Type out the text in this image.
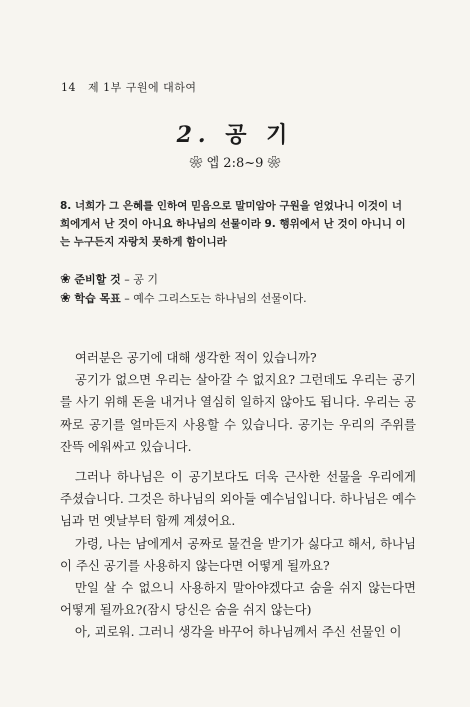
14 제 1부 구원에 대하여
2. 공 기
❀ 엡 2:8~9 ❀
8. 너희가 그 은혜를 인하여 믿음으로 말미암아 구원을 얻었나니 이것이 너희에게서 난 것이 아니요 하나님의 선물이라 9. 행위에서 난 것이 아니니 이는 누구든지 자랑치 못하게 함이니라
❀ 준비할 것 – 공 기
❀ 학습 목표 – 예수 그리스도는 하나님의 선물이다.

여러분은 공기에 대해 생각한 적이 있습니까?

공기가 없으면 우리는 살아갈 수 없지요? 그런데도 우리는 공기를 사기 위해 돈을 내거나 열심히 일하지 않아도 됩니다. 우리는 공짜로 공기를 얼마든지 사용할 수 있습니다. 공기는 우리의 주위를 잔뜩 에워싸고 있습니다.

그러나 하나님은 이 공기보다도 더욱 근사한 선물을 우리에게 주셨습니다. 그것은 하나님의 외아들 예수님입니다. 하나님은 예수님과 먼 옛날부터 함께 계셨어요.

가령, 나는 남에게서 공짜로 물건을 받기가 싫다고 해서, 하나님이 주신 공기를 사용하지 않는다면 어떻게 될까요?

만일 살 수 없으니 사용하지 말아야겠다고 숨을 쉬지 않는다면 어떻게 될까요?(잠시 당신은 숨을 쉬지 않는다)

아, 괴로워. 그러니 생각을 바꾸어 하나님께서 주신 선물인 이
